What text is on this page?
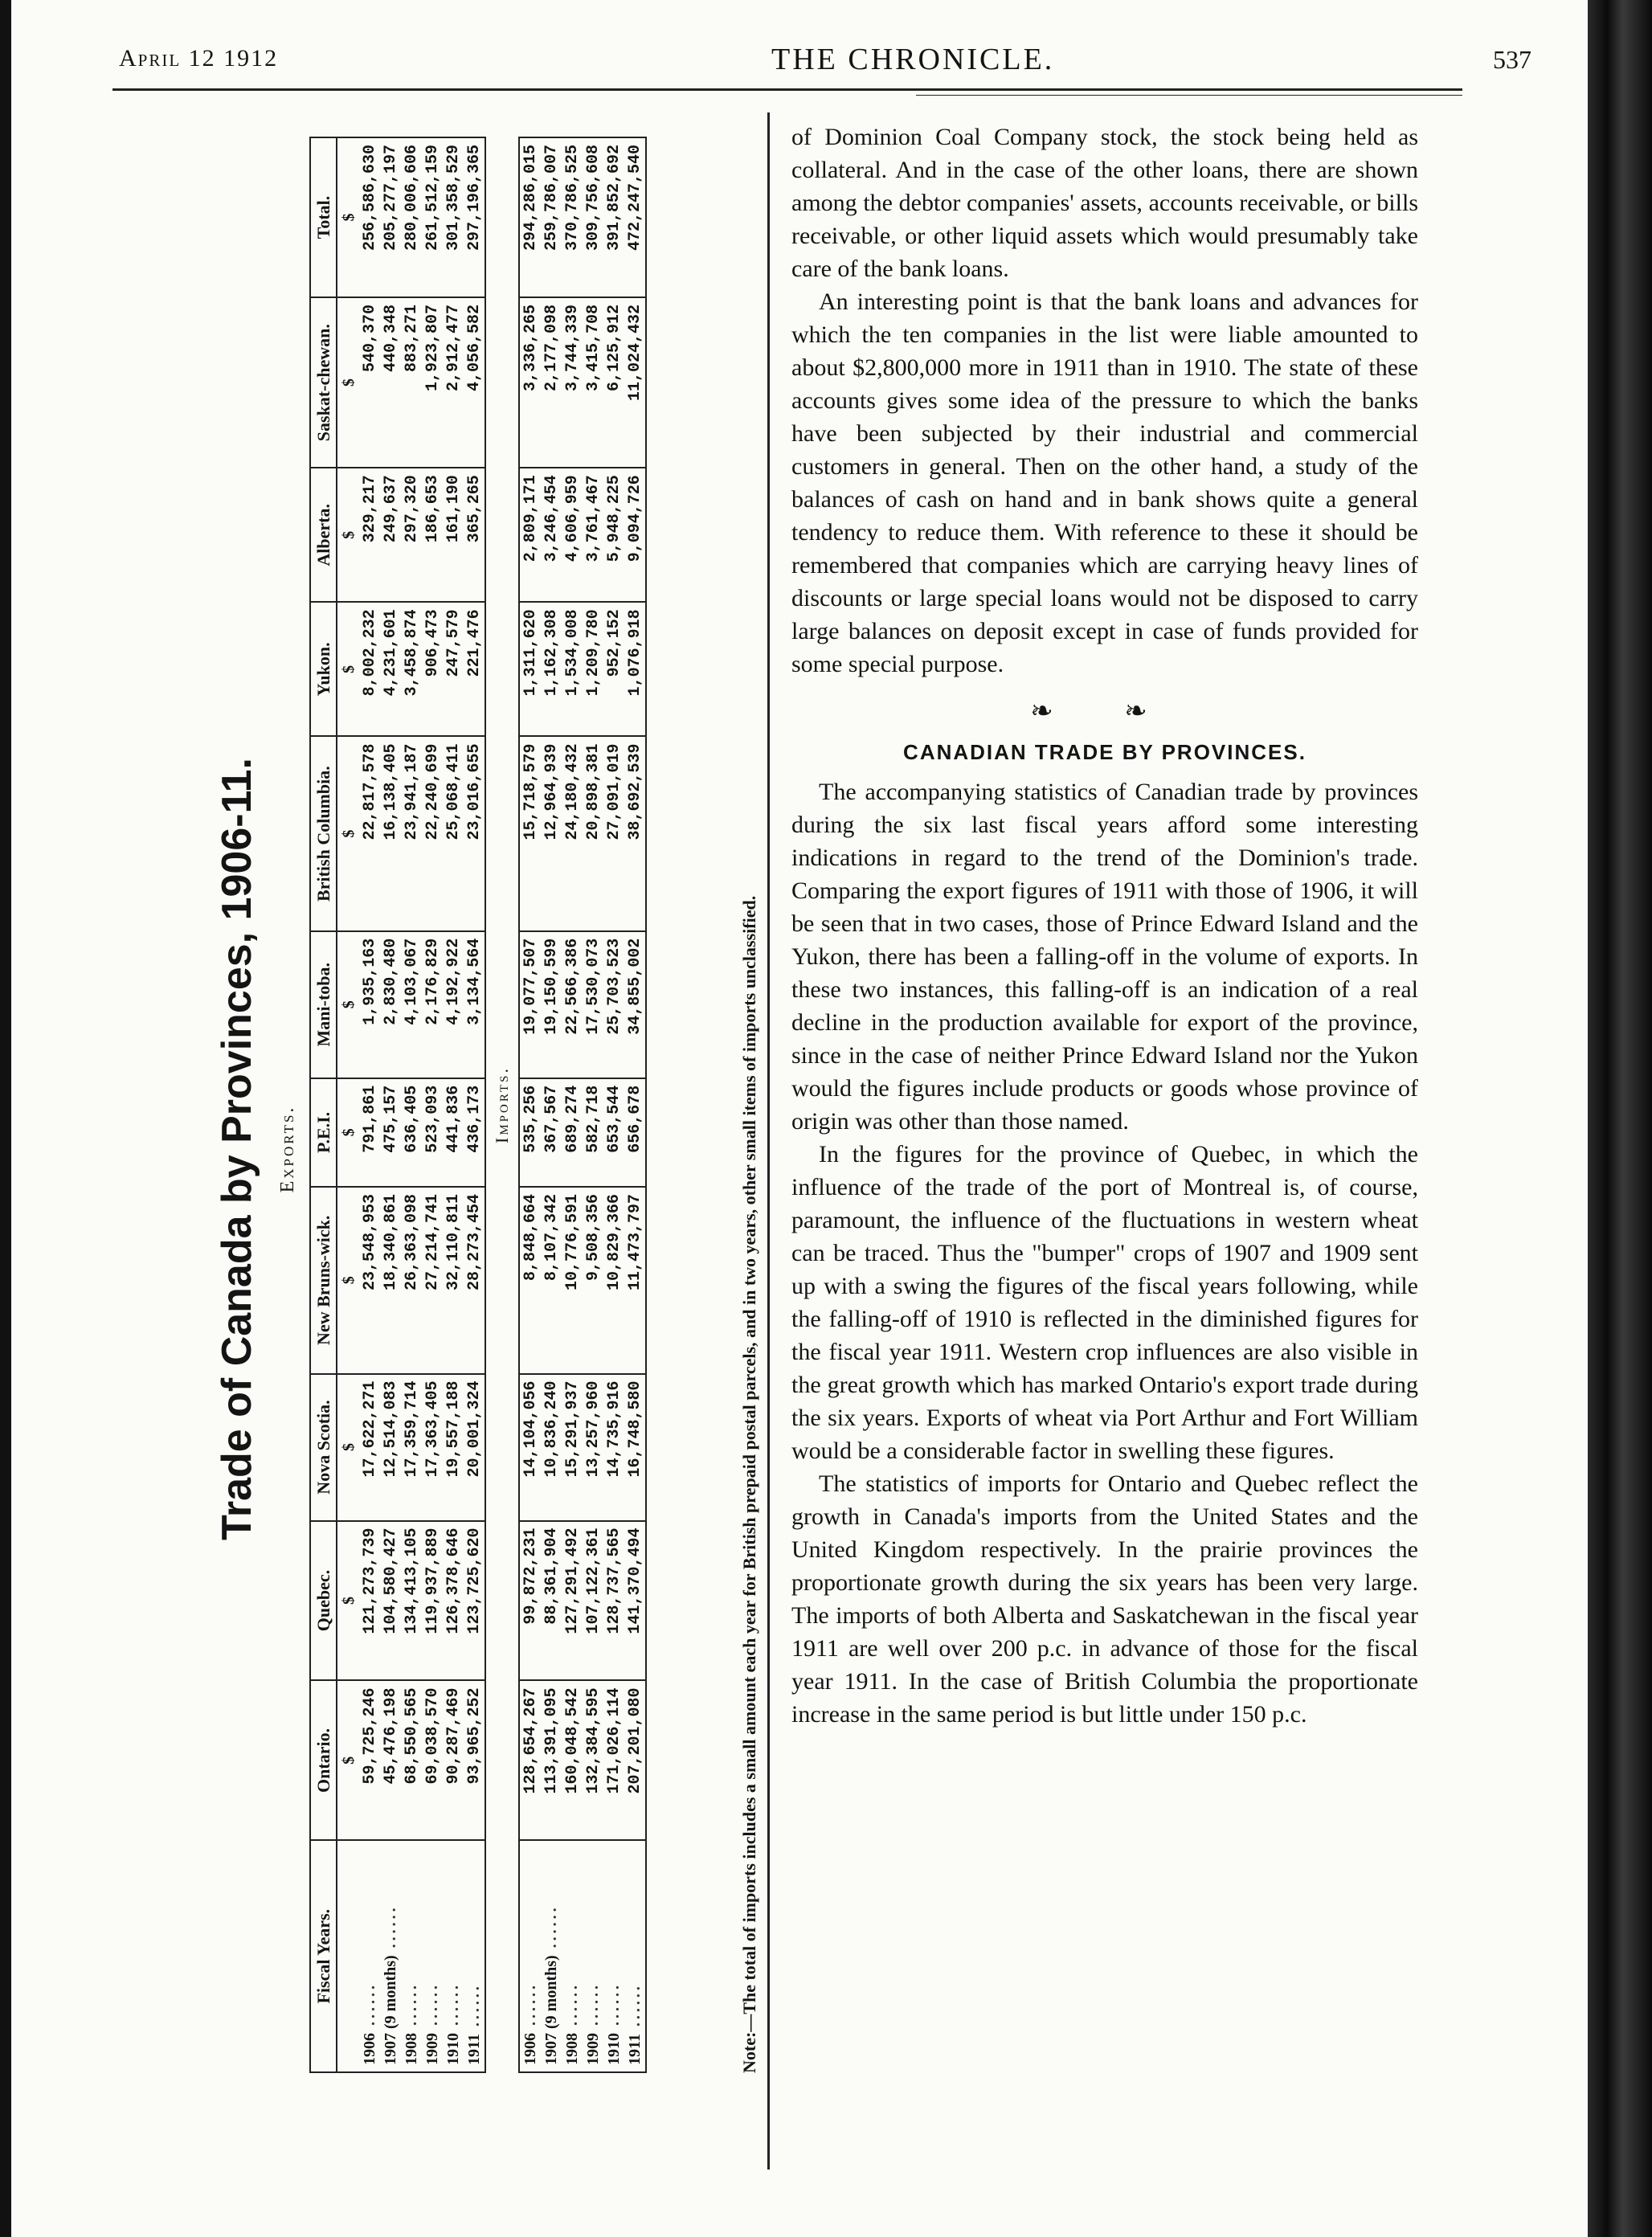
April 12 1912	THE CHRONICLE.	537
Trade of Canada by Provinces, 1906-11. Exports.
Fiscal Years.	Ontario.	Quebec.	Nova Scotia.	New Bruns-wick.	P.E.I.	Mani-toba.	British Columbia.	Yukon.	Alberta.	Saskat-chewan.	Total.
	$	$	$	$	$	$	$	$	$	$	$
1906 ......	59,725,246	121,273,739	17,622,271	23,548,953	791,861	1,935,163	22,817,578	8,002,232	329,217	540,370	256,586,630
1907 (9 months) ......	45,476,198	104,580,427	12,514,083	18,340,861	475,157	2,830,480	16,138,405	4,231,601	249,637	440,348	205,277,197
1908 ......	68,550,565	134,413,105	17,359,714	26,363,098	636,405	4,103,067	23,941,187	3,458,874	297,320	883,271	280,006,606
1909 ......	69,038,570	119,937,889	17,363,405	27,214,741	523,093	2,176,829	22,240,699	906,473	186,653	1,923,807	261,512,159
1910 ......	90,287,469	126,378,646	19,557,188	32,110,811	441,836	4,192,922	25,068,411	247,579	161,190	2,912,477	301,358,529
1911 ......	93,965,252	123,725,620	20,001,324	28,273,454	436,173	3,134,564	23,016,655	221,476	365,265	4,056,582	297,196,365
Imports.											
1906 ......	128,654,267	99,872,231	14,104,056	8,848,664	535,256	19,077,507	15,718,579	1,311,620	2,809,171	3,336,265	294,286,015
1907 (9 months) ......	113,391,095	88,361,904	10,836,240	8,107,342	367,567	19,150,599	12,964,939	1,162,308	3,246,454	2,177,098	259,786,007
1908 ......	160,048,542	127,291,492	15,291,937	10,776,591	689,274	22,566,386	24,180,432	1,534,008	4,606,959	3,744,339	370,786,525
1909 ......	132,384,595	107,122,361	13,257,960	9,508,356	582,718	17,530,073	20,898,381	1,209,780	3,761,467	3,415,708	309,756,608
1910 ......	171,026,114	128,737,565	14,735,916	10,829,366	653,544	25,703,523	27,091,019	952,152	5,948,225	6,125,912	391,852,692
1911 ......	207,201,080	141,370,494	16,748,580	11,473,797	656,678	34,855,002	38,692,539	1,076,918	9,094,726	11,024,432	472,247,540
Note:—The total of imports includes a small amount each year for British prepaid postal parcels, and in two years, other small items of imports unclassified.

of Dominion Coal Company stock, the stock being held as collateral. And in the case of the other loans, there are shown among the debtor companies' assets, accounts receivable, or bills receivable, or other liquid assets which would presumably take care of the bank loans.

An interesting point is that the bank loans and advances for which the ten companies in the list were liable amounted to about $2,800,000 more in 1911 than in 1910. The state of these accounts gives some idea of the pressure to which the banks have been subjected by their industrial and commercial customers in general. Then on the other hand, a study of the balances of cash on hand and in bank shows quite a general tendency to reduce them. With reference to these it should be remembered that companies which are carrying heavy lines of discounts or large special loans would not be disposed to carry large balances on deposit except in case of funds provided for some special purpose.

❧ ❧
CANADIAN TRADE BY PROVINCES.

The accompanying statistics of Canadian trade by provinces during the six last fiscal years afford some interesting indications in regard to the trend of the Dominion's trade. Comparing the export figures of 1911 with those of 1906, it will be seen that in two cases, those of Prince Edward Island and the Yukon, there has been a falling-off in the volume of exports. In these two instances, this falling-off is an indication of a real decline in the production available for export of the province, since in the case of neither Prince Edward Island nor the Yukon would the figures include products or goods whose province of origin was other than those named.

In the figures for the province of Quebec, in which the influence of the trade of the port of Montreal is, of course, paramount, the influence of the fluctuations in western wheat can be traced. Thus the "bumper" crops of 1907 and 1909 sent up with a swing the figures of the fiscal years following, while the falling-off of 1910 is reflected in the diminished figures for the fiscal year 1911. Western crop influences are also visible in the great growth which has marked Ontario's export trade during the six years. Exports of wheat via Port Arthur and Fort William would be a considerable factor in swelling these figures.

The statistics of imports for Ontario and Quebec reflect the growth in Canada's imports from the United States and the United Kingdom respectively. In the prairie provinces the proportionate growth during the six years has been very large. The imports of both Alberta and Saskatchewan in the fiscal year 1911 are well over 200 p.c. in advance of those for the fiscal year 1911. In the case of British Columbia the proportionate increase in the same period is but little under 150 p.c.
